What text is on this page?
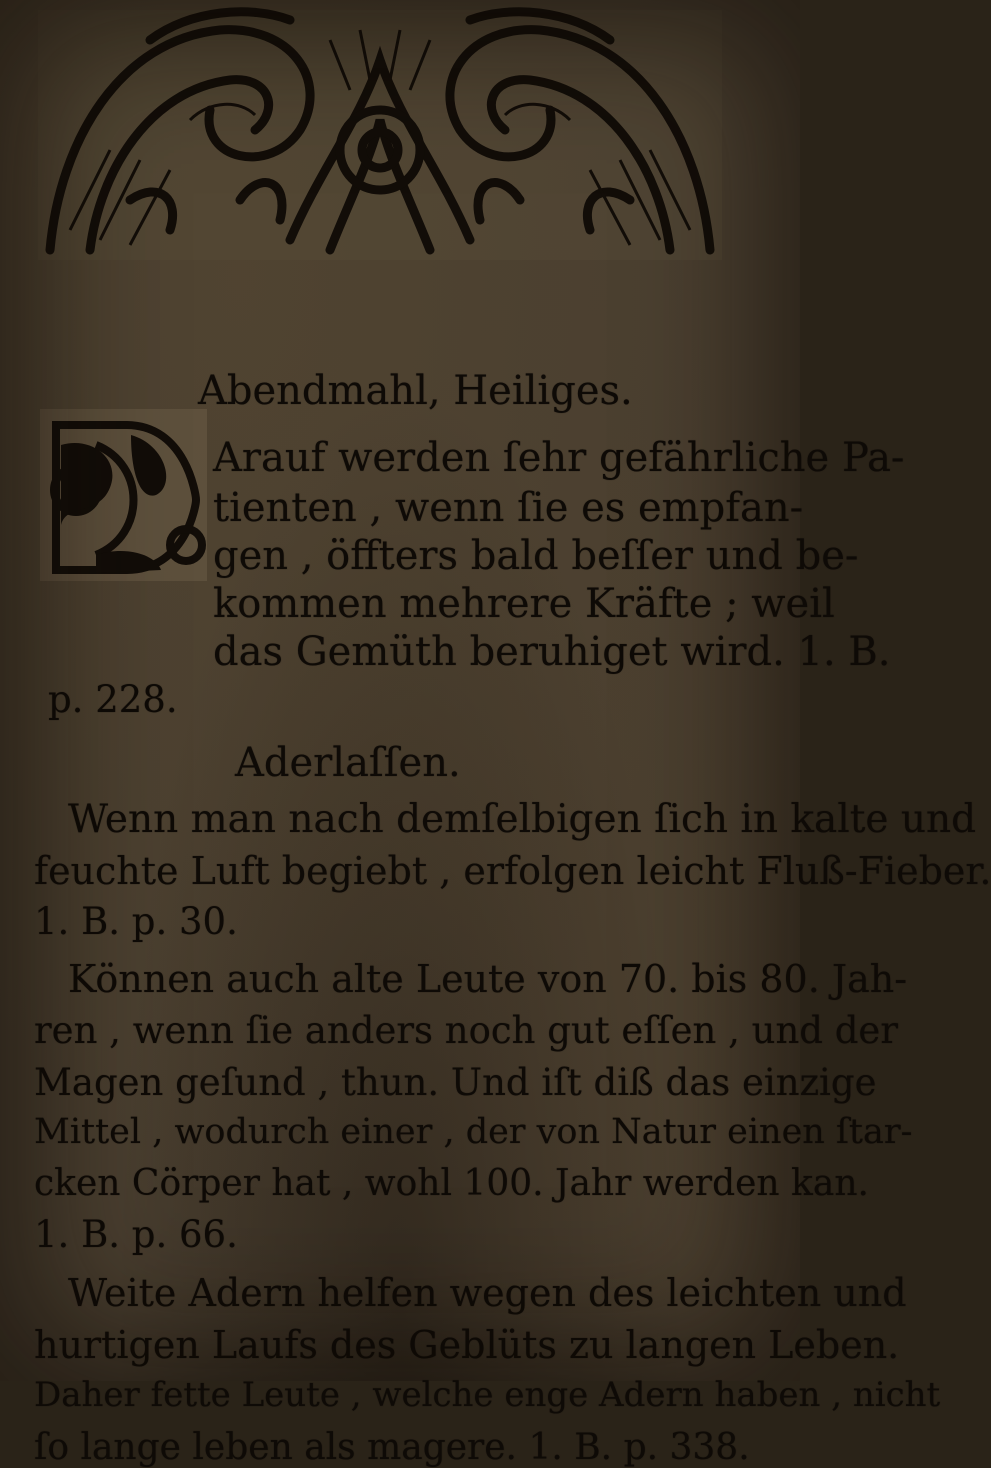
Abendmahl, Heiliges.
Arauf werden ſehr gefährliche Pa-
tienten , wenn ſie es empfan-
gen , öffters bald beſſer und be-
kommen mehrere Kräfte ; weil
das Gemüth beruhiget wird. 1. B.
p. 228.
Aderlaſſen.
Wenn man nach demſelbigen ſich in kalte und
feuchte Luft begiebt , erfolgen leicht Fluß-Fieber.
1. B. p. 30.
Können auch alte Leute von 70. bis 80. Jah-
ren , wenn ſie anders noch gut eſſen , und der
Magen geſund , thun. Und iſt diß das einzige
Mittel , wodurch einer , der von Natur einen ſtar-
cken Cörper hat , wohl 100. Jahr werden kan.
1. B. p. 66.
Weite Adern helfen wegen des leichten und
hurtigen Laufs des Geblüts zu langen Leben.
Daher fette Leute , welche enge Adern haben , nicht
ſo lange leben als magere. 1. B. p. 338.
